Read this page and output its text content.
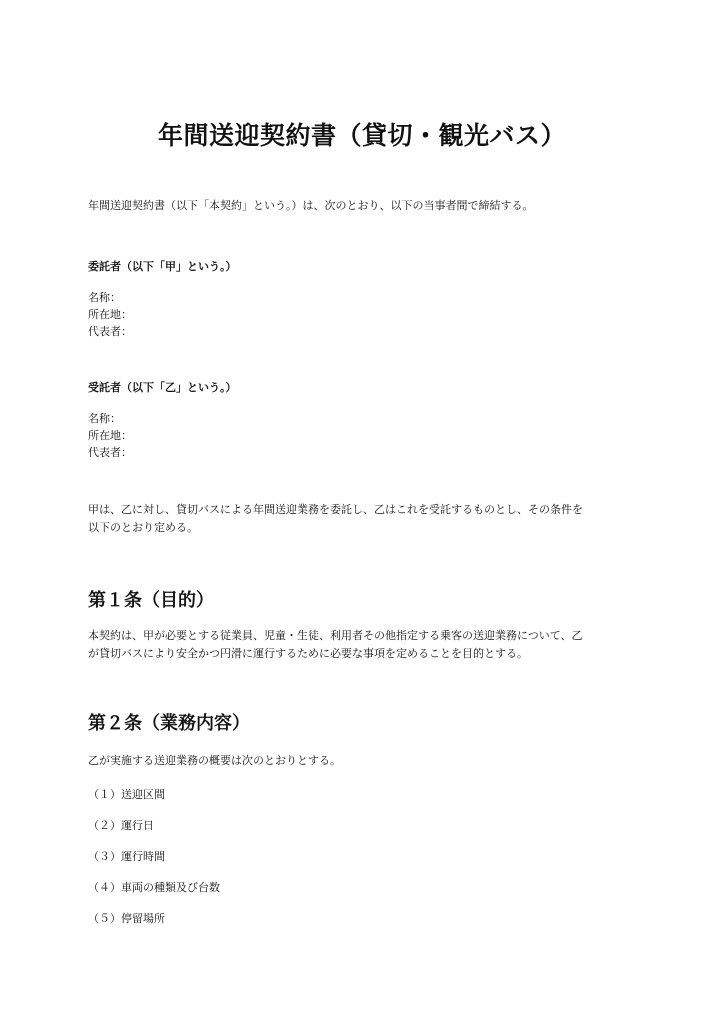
年間送迎契約書（貸切・観光バス）

年間送迎契約書（以下「本契約」という。）は、次のとおり、以下の当事者間で締結する。

委託者（以下「甲」という。）

名称：

所在地：

代表者：

受託者（以下「乙」という。）

名称：

所在地：

代表者：

甲は、乙に対し、貸切バスによる年間送迎業務を委託し、乙はこれを受託するものとし、その条件を

以下のとおり定める。

第１条（目的）

本契約は、甲が必要とする従業員、児童・生徒、利用者その他指定する乗客の送迎業務について、乙

が貸切バスにより安全かつ円滑に運行するために必要な事項を定めることを目的とする。

第２条（業務内容）

乙が実施する送迎業務の概要は次のとおりとする。

（１）送迎区間

（２）運行日

（３）運行時間

（４）車両の種類及び台数

（５）停留場所
